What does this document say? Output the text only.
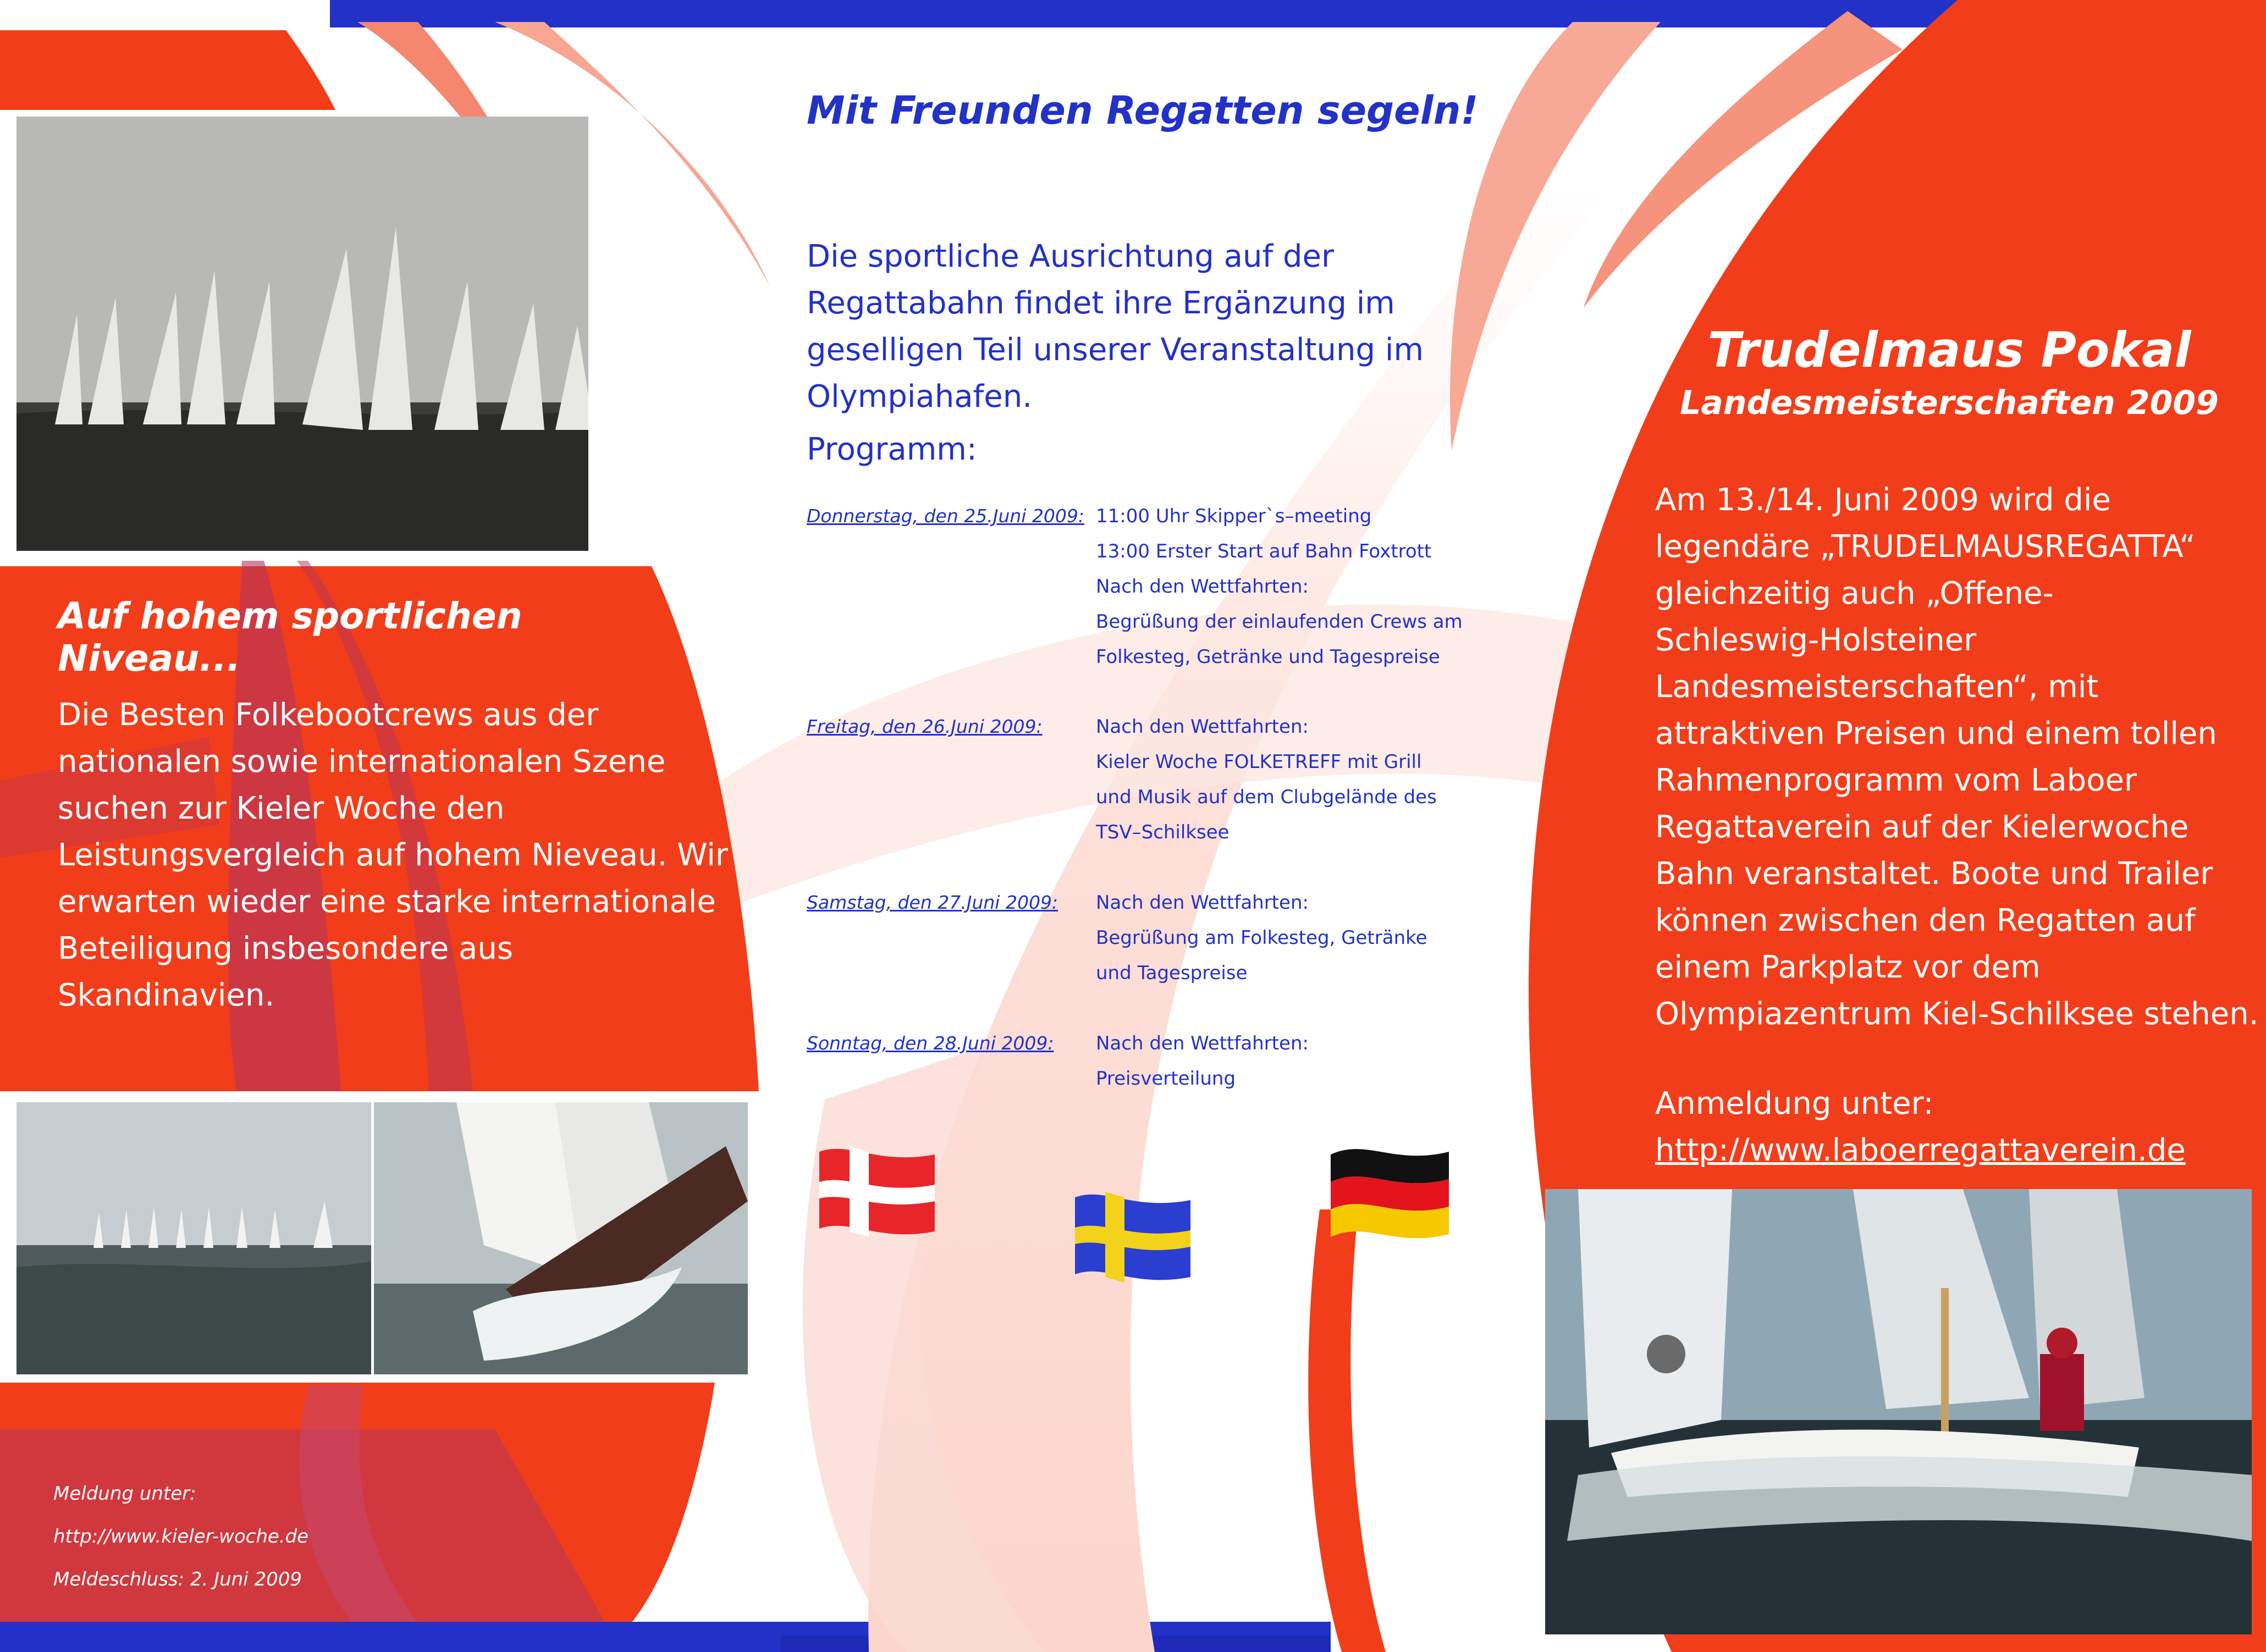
Auf hohem sportlichen Niveau...
Die Besten Folkebootcrews aus der
nationalen sowie internationalen Szene
suchen zur Kieler Woche den
Leistungsvergleich auf hohem Nieveau. Wir
erwarten wieder eine starke internationale
Beteiligung insbesondere aus
Skandinavien.
Meldung unter:
http://www.kieler-woche.de
Meldeschluss: 2. Juni 2009
Mit Freunden Regatten segeln!
Die sportliche Ausrichtung auf der
Regattabahn findet ihre Ergänzung im
geselligen Teil unserer Veranstaltung im
Olympiahafen.
Programm:
Donnerstag, den 25.Juni 2009: 11:00 Uhr Skipper`s–meeting
13:00 Erster Start auf Bahn Foxtrott
Nach den Wettfahrten:
Begrüßung der einlaufenden Crews am
Folkesteg, Getränke und Tagespreise
Freitag, den 26.Juni 2009:	Nach den Wettfahrten:
Kieler Woche FOLKETREFF mit Grill
und Musik auf dem Clubgelände des
TSV–Schilksee
Samstag, den 27.Juni 2009:	Nach den Wettfahrten:
Begrüßung am Folkesteg, Getränke
und Tagespreise
Sonntag, den 28.Juni 2009:	Nach den Wettfahrten:
Preisverteilung
Trudelmaus Pokal
Landesmeisterschaften 2009
Am 13./14. Juni 2009 wird die
legendäre „TRUDELMAUSREGATTA“
gleichzeitig auch „Offene-
Schleswig-Holsteiner
Landesmeisterschaften“, mit
attraktiven Preisen und einem tollen
Rahmenprogramm vom Laboer
Regattaverein auf der Kielerwoche
Bahn veranstaltet. Boote und Trailer
können zwischen den Regatten auf
einem Parkplatz vor dem
Olympiazentrum Kiel-Schilksee stehen.
Anmeldung unter:
http://www.laboerregattaverein.de
